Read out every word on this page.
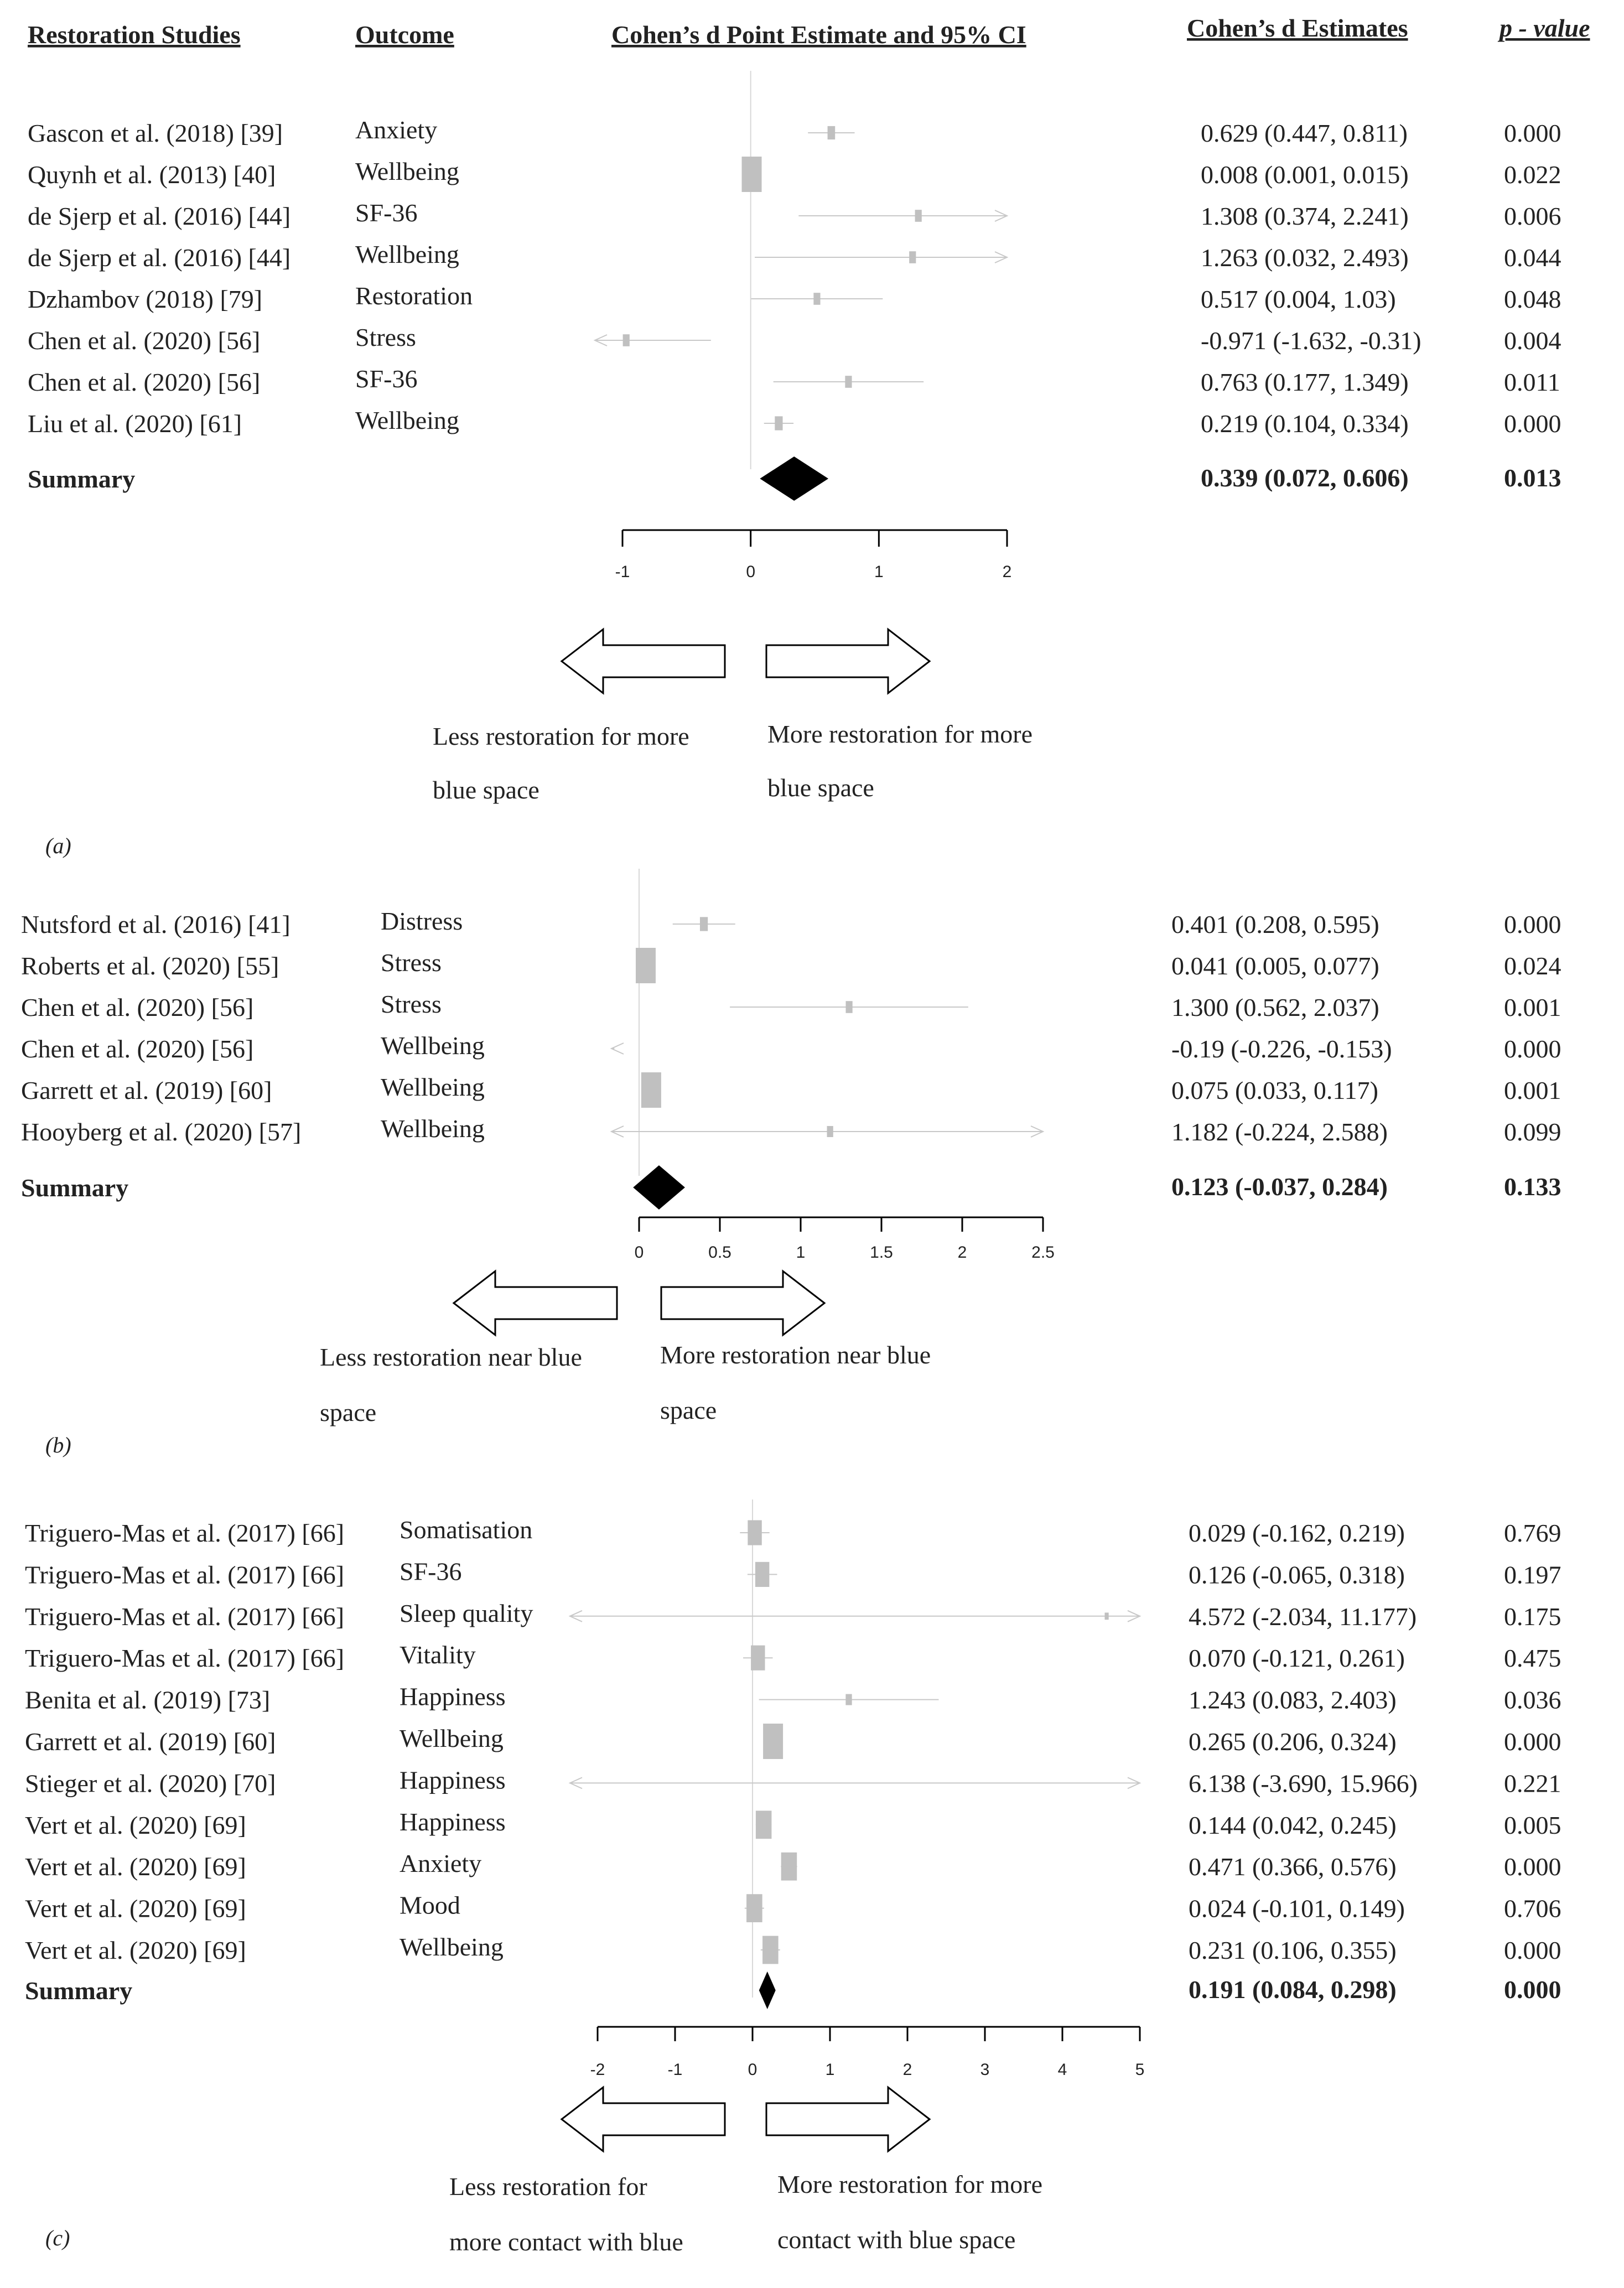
Restoration Studies	Outcome	Cohen’s d Point Estimate and 95% CI	Cohen’s d Estimates	p - value
Gascon et al. (2018) [39]	Anxiety	0.629 (0.447, 0.811)	0.000
Quynh et al. (2013) [40]	Wellbeing	0.008 (0.001, 0.015)	0.022
de Sjerp et al. (2016) [44]	SF-36	1.308 (0.374, 2.241)	0.006
de Sjerp et al. (2016) [44]	Wellbeing	1.263 (0.032, 2.493)	0.044
Dzhambov (2018) [79]	Restoration	0.517 (0.004, 1.03)	0.048
Chen et al. (2020) [56]	Stress	-0.971 (-1.632, -0.31)	0.004
Chen et al. (2020) [56]	SF-36	0.763 (0.177, 1.349)	0.011
Liu et al. (2020) [61]	Wellbeing	0.219 (0.104, 0.334)	0.000
Summary	0.339 (0.072, 0.606)	0.013
-1	0	1	2
Less restoration for more
blue space
More restoration for more
blue space
(a)
Nutsford et al. (2016) [41]	Distress	0.401 (0.208, 0.595)	0.000
Roberts et al. (2020) [55]	Stress	0.041 (0.005, 0.077)	0.024
Chen et al. (2020) [56]	Stress	1.300 (0.562, 2.037)	0.001
Chen et al. (2020) [56]	Wellbeing	-0.19 (-0.226, -0.153)	0.000
Garrett et al. (2019) [60]	Wellbeing	0.075 (0.033, 0.117)	0.001
Hooyberg et al. (2020) [57]	Wellbeing	1.182 (-0.224, 2.588)	0.099
Summary	0.123 (-0.037, 0.284)	0.133
0	0.5	1	1.5	2	2.5
Less restoration near blue
space
More restoration near blue
space
(b)
Triguero-Mas et al. (2017) [66] Somatisation	0.029 (-0.162, 0.219)	0.769
Triguero-Mas et al. (2017) [66] SF-36	0.126 (-0.065, 0.318)	0.197
Triguero-Mas et al. (2017) [66] Sleep quality	4.572 (-2.034, 11.177)	0.175
Triguero-Mas et al. (2017) [66] Vitality	0.070 (-0.121, 0.261)	0.475
Benita et al. (2019) [73]	Happiness	1.243 (0.083, 2.403)	0.036
Garrett et al. (2019) [60]	Wellbeing	0.265 (0.206, 0.324)	0.000
Stieger et al. (2020) [70]	Happiness	6.138 (-3.690, 15.966)	0.221
Vert et al. (2020) [69]	Happiness	0.144 (0.042, 0.245)	0.005
Vert et al. (2020) [69]	Anxiety	0.471 (0.366, 0.576)	0.000
Vert et al. (2020) [69]	Mood	0.024 (-0.101, 0.149)	0.706
Vert et al. (2020) [69]	Wellbeing	0.231 (0.106, 0.355)	0.000
Summary	0.191 (0.084, 0.298)	0.000
-2	-1	0	1	2	3	4	5
Less restoration for
more contact with blue
More restoration for more
contact with blue space
(c)
